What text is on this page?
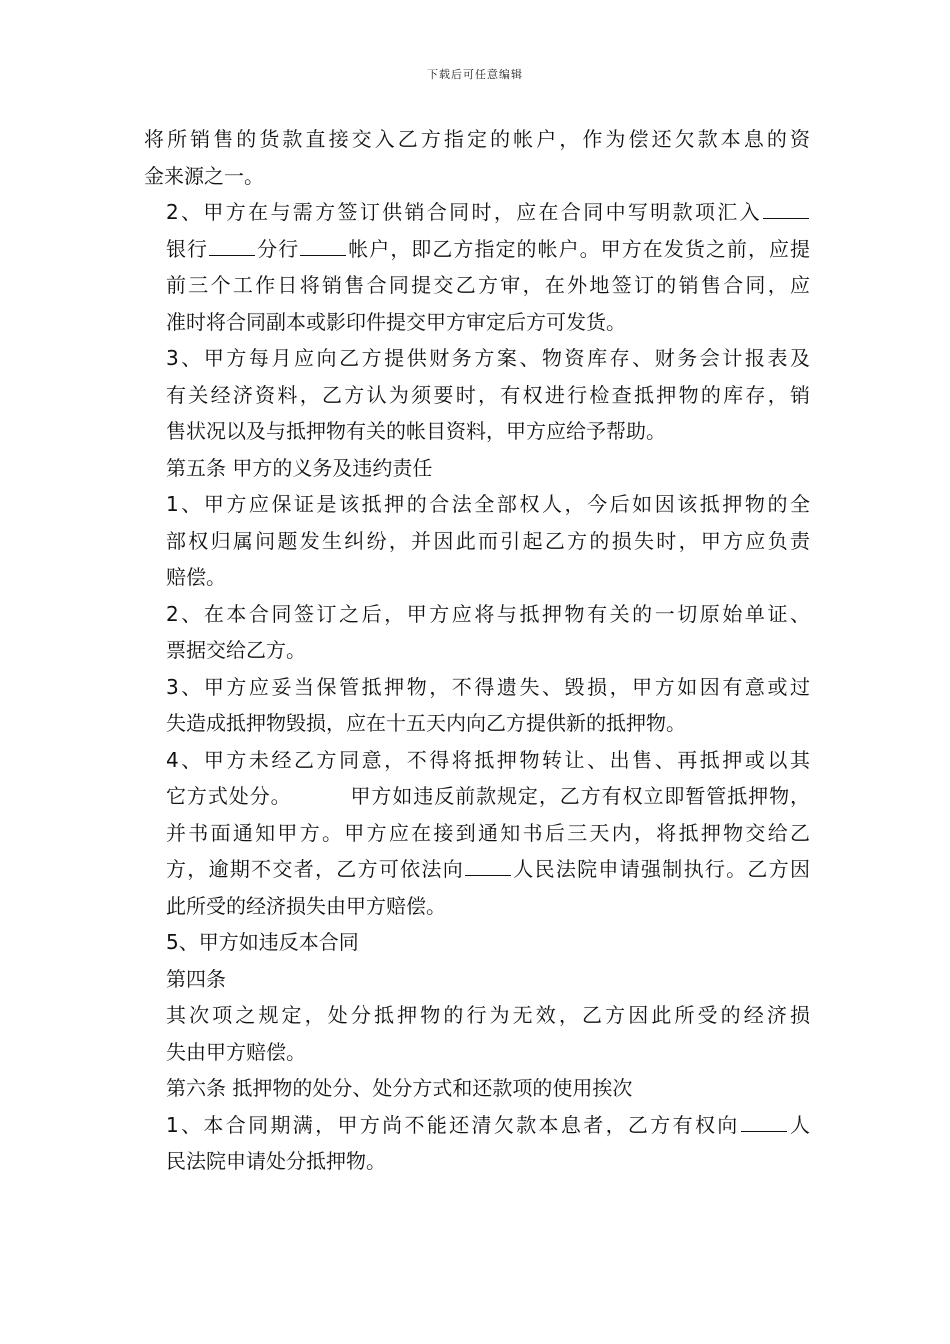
下载后可任意编辑
将所销售的货款直接交入乙方指定的帐户，作为偿还欠款本息的资
金来源之一。
2、甲方在与需方签订供销合同时，应在合同中写明款项汇入
银行 分行 帐户，即乙方指定的帐户。甲方在发货之前，应提
前三个工作日将销售合同提交乙方审，在外地签订的销售合同，应
准时将合同副本或影印件提交甲方审定后方可发货。
3、甲方每月应向乙方提供财务方案、物资库存、财务会计报表及
有关经济资料，乙方认为须要时，有权进行检查抵押物的库存，销
售状况以及与抵押物有关的帐目资料，甲方应给予帮助。
第五条 甲方的义务及违约责任
1、甲方应保证是该抵押的合法全部权人，今后如因该抵押物的全
部权归属问题发生纠纷，并因此而引起乙方的损失时，甲方应负责
赔偿。
2、在本合同签订之后，甲方应将与抵押物有关的一切原始单证、
票据交给乙方。
3、甲方应妥当保管抵押物，不得遗失、毁损，甲方如因有意或过
失造成抵押物毁损，应在十五天内向乙方提供新的抵押物。
4、甲方未经乙方同意，不得将抵押物转让、出售、再抵押或以其
它方式处分。	甲方如违反前款规定，乙方有权立即暂管抵押物，
并书面通知甲方。甲方应在接到通知书后三天内，将抵押物交给乙
方，逾期不交者，乙方可依法向 人民法院申请强制执行。乙方因
此所受的经济损失由甲方赔偿。
5、甲方如违反本合同
第四条
其次项之规定，处分抵押物的行为无效，乙方因此所受的经济损
失由甲方赔偿。
第六条 抵押物的处分、处分方式和还款项的使用挨次
1、本合同期满，甲方尚不能还清欠款本息者，乙方有权向 人
民法院申请处分抵押物。
